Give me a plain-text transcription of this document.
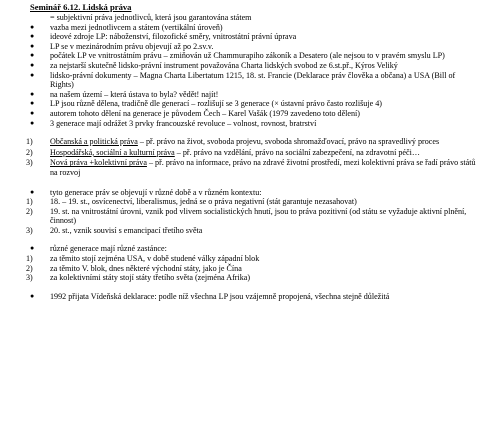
Seminář 6.12. Lidská práva
= subjektivní práva jednotlivců, která jsou garantována státem
● vazba mezi jednotlivcem a státem (vertikální úroveň)
● ideové zdroje LP: náboženství, filozofické směry, vnitrostátní právní úprava
● LP se v mezinárodním právu objevují až po 2.sv.v.
● počátek LP ve vnitrostátním právu – zmiňován už Chammurapiho zákoník a Desatero (ale nejsou to v pravém smyslu LP)
● za nejstarší skutečně lidsko-právní instrument považována Charta lidských svobod ze 6.st.př., Kýros Veliký
● lidsko-právní dokumenty – Magna Charta Libertatum 1215, 18. st. Francie (Deklarace práv člověka a občana) a USA (Bill of Rights)
● na našem území – která ústava to byla? vědět! najít!
● LP jsou různě dělena, tradičně dle generací – rozlišují se 3 generace (× ústavní právo často rozlišuje 4)
● autorem tohoto dělení na generace je původem Čech – Karel Vašák (1979 zavedeno toto dělení)
● 3 generace mají odrážet 3 prvky francouzské revoluce – volnost, rovnost, bratrství
1) Občanská a politická práva – př. právo na život, svoboda projevu, svoboda shromažďovací, právo na spravedlivý proces
2) Hospodářská, sociální a kulturní práva – př. právo na vzdělání, právo na sociální zabezpečení, na zdravotní péči…
3) Nová práva +kolektivní práva – př. právo na informace, právo na zdravé životní prostředí, mezi kolektivní práva se řadí právo států na rozvoj
● tyto generace práv se objevují v různé době a v různém kontextu:
1) 18. – 19. st., osvícenectví, liberalismus, jedná se o práva negativní (stát garantuje nezasahovat)
2) 19. st. na vnitrostátní úrovni, vznik pod vlivem socialistických hnutí, jsou to práva pozitivní (od státu se vyžaduje aktivní plnění, činnost)
3) 20. st., vznik souvisí s emancipací třetího světa
● různé generace mají různé zastánce:
1) za těmito stojí zejména USA, v době studené války západní blok
2) za těmito V. blok, dnes některé východní státy, jako je Čína
3) za kolektivními státy stojí státy třetího světa (zejména Afrika)
● 1992 přijata Vídeňská deklarace: podle níž všechna LP jsou vzájemně propojená, všechna stejně důležitá
